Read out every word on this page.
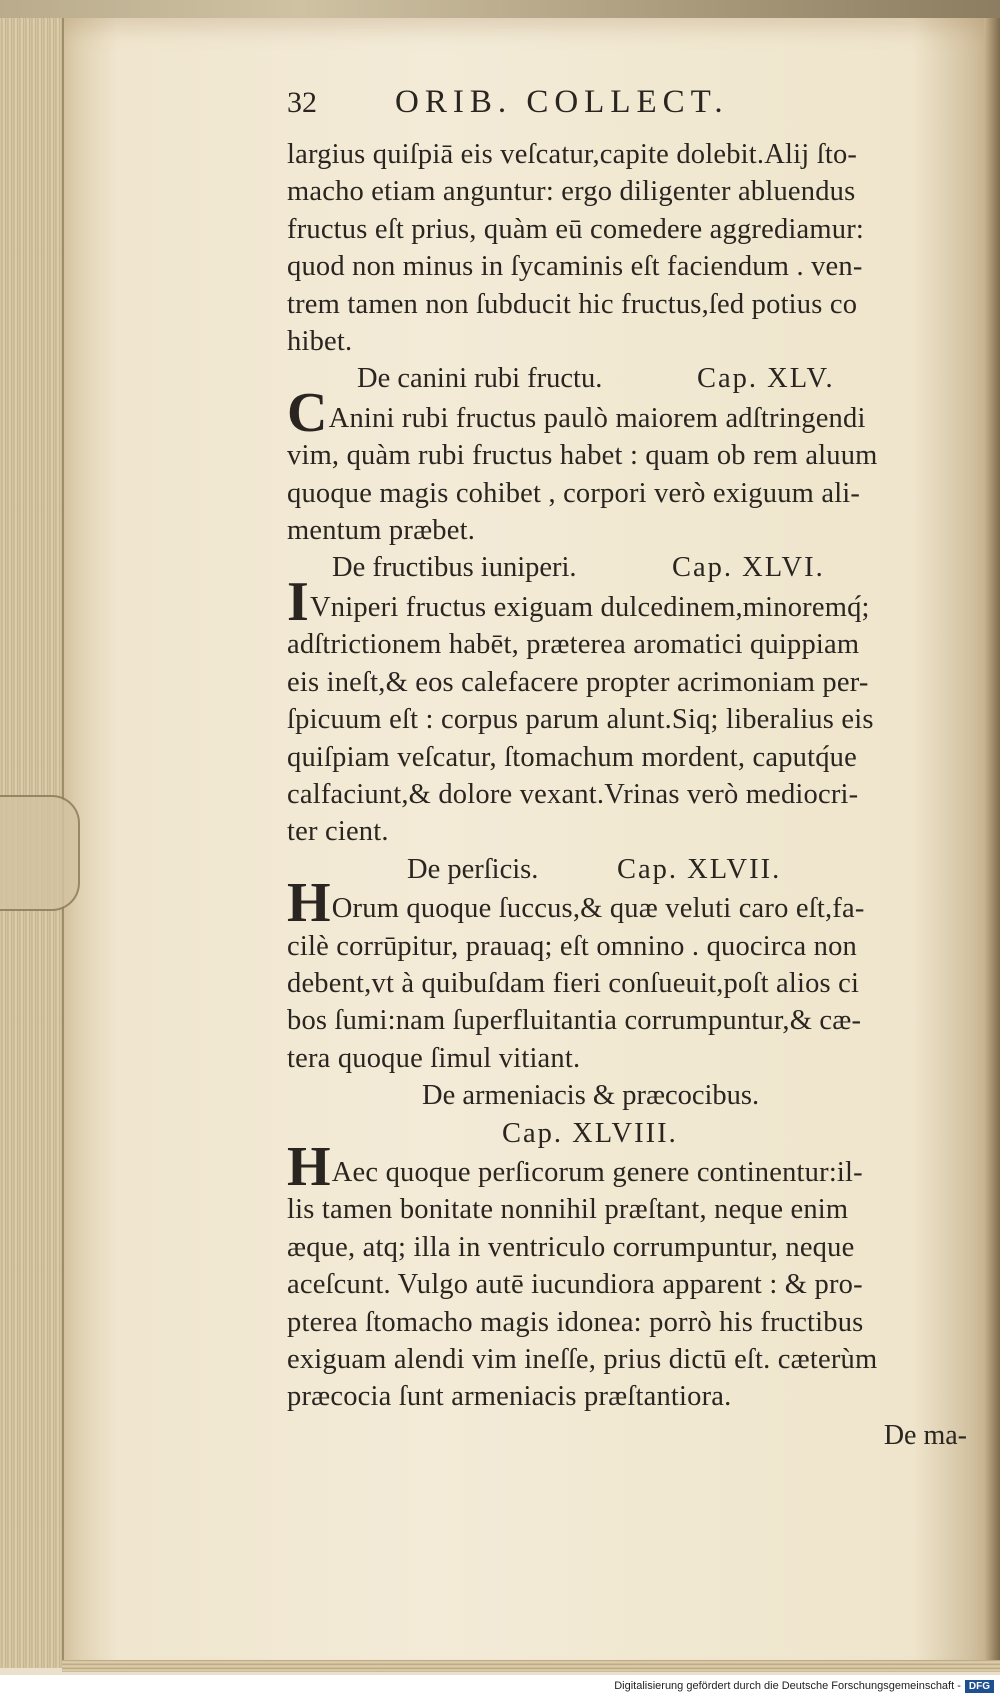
32 ORIB. COLLECT.
largius quiſpiā eis veſcatur,capite dolebit.Alij ſto-
macho etiam anguntur: ergo diligenter abluendus
fructus eſt prius, quàm eū comedere aggrediamur:
quod non minus in ſycaminis eſt faciendum . ven-
trem tamen non ſubducit hic fructus,ſed potius co
hibet.
De canini rubi fructu.	Cap. XLV.
CAnini rubi fructus paulò maiorem adſtringendi
vim, quàm rubi fructus habet : quam ob rem aluum
quoque magis cohibet , corpori verò exiguum ali-
mentum præbet.
De fructibus iuniperi.	Cap. XLVI.
IVniperi fructus exiguam dulcedinem,minoremq́;
adſtrictionem habēt, præterea aromatici quippiam
eis ineſt,& eos calefacere propter acrimoniam per-
ſpicuum eſt : corpus parum alunt.Siq; liberalius eis
quiſpiam veſcatur, ſtomachum mordent, caputq́ue
calfaciunt,& dolore vexant.Vrinas verò mediocri-
ter cient.
De perſicis.	Cap. XLVII.
HOrum quoque ſuccus,& quæ veluti caro eſt,fa-
cilè corrūpitur, prauaq; eſt omnino . quocirca non
debent,vt à quibuſdam fieri conſueuit,poſt alios ci
bos ſumi:nam ſuperfluitantia corrumpuntur,& cæ-
tera quoque ſimul vitiant.
De armeniacis & præcocibus.
Cap. XLVIII.
HAec quoque perſicorum genere continentur:il-
lis tamen bonitate nonnihil præſtant, neque enim
æque, atq; illa in ventriculo corrumpuntur, neque
aceſcunt. Vulgo autē iucundiora apparent : & pro-
pterea ſtomacho magis idonea: porrò his fructibus
exiguam alendi vim ineſſe, prius dictū eſt. cæterùm
præcocia ſunt armeniacis præſtantiora.
De ma-
Digitalisierung gefördert durch die Deutsche Forschungsgemeinschaft - DFG
